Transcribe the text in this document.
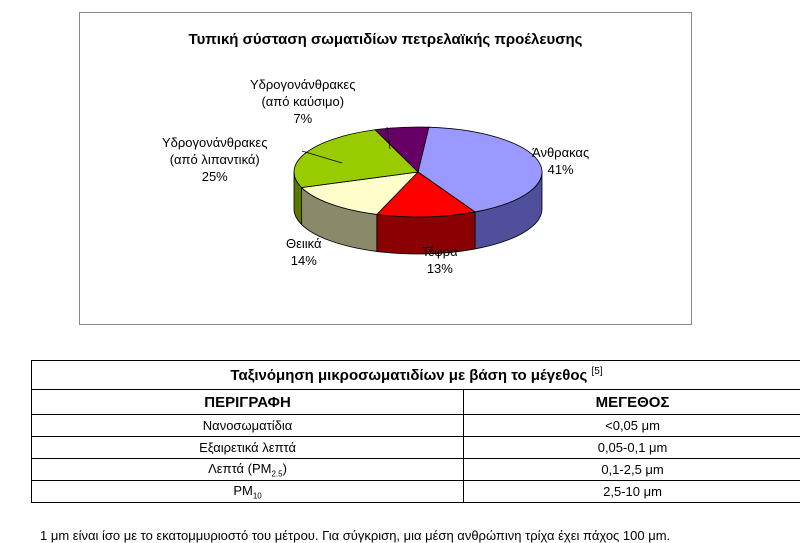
Τυπική σύσταση σωματιδίων πετρελαϊκής προέλευσης
Άνθρακας
41%
Τέφρα
13%
Θειικά
14%
Υδρογονάνθρακες
(από λιπαντικά)
25%
Υδρογονάνθρακες
(από καύσιμο)
7%
Ταξινόμηση μικροσωματιδίων με βάση το μέγεθος [5]
ΠΕΡΙΓΡΑΦΗ	ΜΕΓΕΘΟΣ
Νανοσωματίδια	<0,05 μm
Εξαιρετικά λεπτά	0,05-0,1 μm
Λεπτά $(PM_{2.5})$	0,1-2,5 μm
$PM_{10}$	2,5-10 μm
1 μm είναι ίσο με το εκατομμυριοστό του μέτρου. Για σύγκριση, μια μέση ανθρώπινη τρίχα έχει πάχος 100 μm.
